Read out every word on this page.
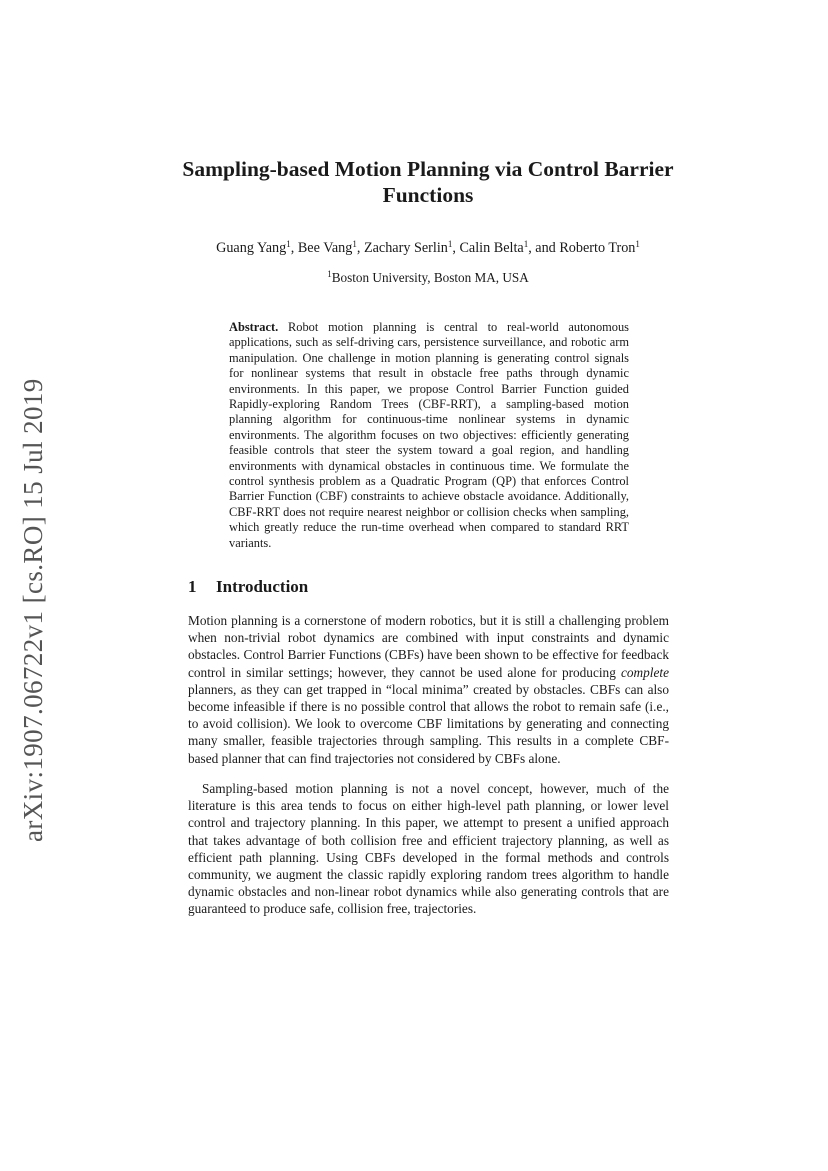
arXiv:1907.06722v1 [cs.RO] 15 Jul 2019
Sampling-based Motion Planning via Control Barrier Functions
Guang Yang$^1$, Bee Vang$^1$, Zachary Serlin$^1$, Calin Belta$^1$, and Roberto Tron$^1$
$^1$Boston University, Boston MA, USA

Abstract. Robot motion planning is central to real-world autonomous applications, such as self-driving cars, persistence surveillance, and robotic arm manipulation. One challenge in motion planning is generating control signals for nonlinear systems that result in obstacle free paths through dynamic environments. In this paper, we propose Control Barrier Function guided Rapidly-exploring Random Trees (CBF-RRT), a sampling-based motion planning algorithm for continuous-time nonlinear systems in dynamic environments. The algorithm focuses on two objectives: efficiently generating feasible controls that steer the system toward a goal region, and handling environments with dynamical obstacles in continuous time. We formulate the control synthesis problem as a Quadratic Program (QP) that enforces Control Barrier Function (CBF) constraints to achieve obstacle avoidance. Additionally, CBF-RRT does not require nearest neighbor or collision checks when sampling, which greatly reduce the run-time overhead when compared to standard RRT variants.

1 Introduction

Motion planning is a cornerstone of modern robotics, but it is still a challenging problem when non-trivial robot dynamics are combined with input constraints and dynamic obstacles. Control Barrier Functions (CBFs) have been shown to be effective for feedback control in similar settings; however, they cannot be used alone for producing complete planners, as they can get trapped in “local minima” created by obstacles. CBFs can also become infeasible if there is no possible control that allows the robot to remain safe (i.e., to avoid collision). We look to overcome CBF limitations by generating and connecting many smaller, feasible trajectories through sampling. This results in a complete CBF-based planner that can find trajectories not considered by CBFs alone.

Sampling-based motion planning is not a novel concept, however, much of the literature is this area tends to focus on either high-level path planning, or lower level control and trajectory planning. In this paper, we attempt to present a unified approach that takes advantage of both collision free and efficient trajectory planning, as well as efficient path planning. Using CBFs developed in the formal methods and controls community, we augment the classic rapidly exploring random trees algorithm to handle dynamic obstacles and non-linear robot dynamics while also generating controls that are guaranteed to produce safe, collision free, trajectories.
